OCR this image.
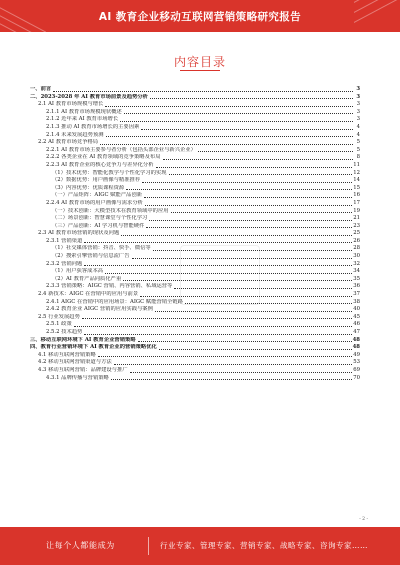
AI 教育企业移动互联网营销策略研究报告
内容目录
一、前言	3
二、2023-2028 年 AI 教育市场前景及趋势分析	3
2.1 AI 教育市场规模与增长	3
2.1.1 AI 教育市场规模现状概述	3
2.1.2 近年来 AI 教育市场增长	3
2.1.3 推动 AI 教育市场增长的主要因素	4
2.1.4 未来发展趋势预测	4
2.2 AI 教育市场竞争格局	5
2.2.1 AI 教育市场主要参与者分析（包括头部企业与新兴企业）	5
2.2.2 各类企业在 AI 教育领域的竞争策略及布局	8
2.2.3 AI 教育企业的核心竞争力与差异化分析	11
（1）技术优势：智能化教学与个性化学习的实现	12
（2）数据优势：用户画像与精准推荐	14
（3）内容优势：优质课程资源	15
（一）产品矩阵：AIGC 赋能产品创新	16
2.2.4 AI 教育市场的用户画像与需求分析	17
（一）技术创新：大模型技术在教育领域中的应用	19
（二）场景创新：智慧课堂与个性化学习	21
（三）产品创新：AI 学习机与智能硬件	23
2.3 AI 教育市场营销的现状及问题	25
2.3.1 营销渠道	26
（1）社交媒体营销：抖音、快手、微信等	28
（2）搜索引擎营销与信息流广告	30
2.3.2 营销问题	32
（1）用户获客成本高	34
（2）AI 教育产品同质化严重	35
2.3.3 营销策略：AIGC 营销、内容营销、私域运营等	36
2.4 新技术：AIGC 在营销中的应用与前景	37
2.4.1 AIGC 在营销中的应用场景：AIGC 赋能营销全链路	38
2.4.2 教育企业 AIGC 营销的应用实践与案例	40
2.5 行业发展趋势	45
2.5.1 政策	46
2.5.2 技术趋势	47
三、移动互联网环境下 AI 教育企业营销策略	48
四、教育行业营销环境下 AI 教育企业的营销策略优化	48
4.1 移动互联网营销策略	49
4.2 移动互联网营销渠道与方法	53
4.3 移动互联网营销：品牌建设与推广	69
4.3.1 品牌传播与营销策略	70
- 2 -
让每个人都能成为	行业专家、管理专家、营销专家、战略专家、咨询专家……
